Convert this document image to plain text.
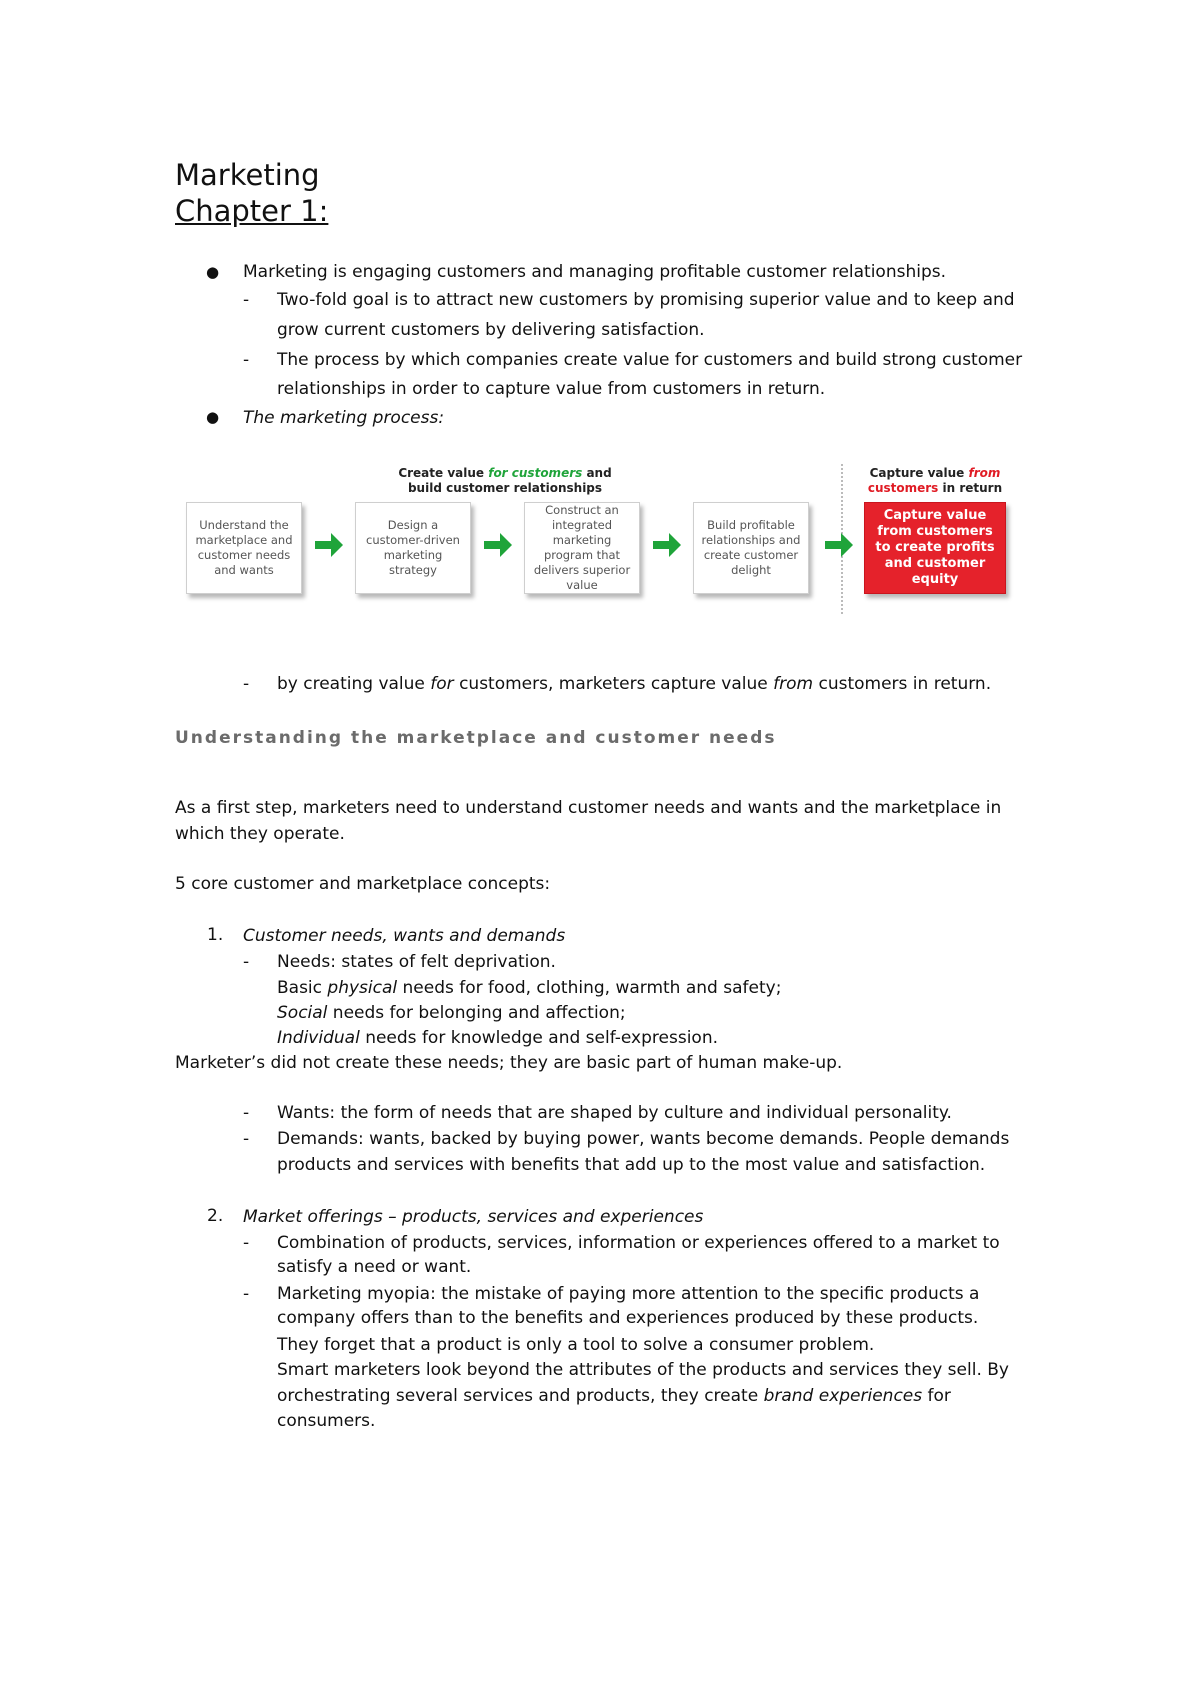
Marketing
Chapter 1:
● Marketing is engaging customers and managing profitable customer relationships.
- Two-fold goal is to attract new customers by promising superior value and to keep and
grow current customers by delivering satisfaction.
- The process by which companies create value for customers and build strong customer
relationships in order to capture value from customers in return.
● The marketing process:
Create value for customers and
build customer relationships
Capture value from
customers in return
Understand the marketplace and customer needs and wants
Design a customer-driven marketing strategy
Construct an integrated marketing program that delivers superior value
Build profitable relationships and create customer delight
Capture value from customers to create profits and customer equity
- by creating value for customers, marketers capture value from customers in return.
Understanding the marketplace and customer needs
As a first step, marketers need to understand customer needs and wants and the marketplace in
which they operate.
5 core customer and marketplace concepts:
1. Customer needs, wants and demands
- Needs: states of felt deprivation.
Basic physical needs for food, clothing, warmth and safety;
Social needs for belonging and affection;
Individual needs for knowledge and self-expression.
Marketer’s did not create these needs; they are basic part of human make-up.
- Wants: the form of needs that are shaped by culture and individual personality.
- Demands: wants, backed by buying power, wants become demands. People demands
products and services with benefits that add up to the most value and satisfaction.
2. Market offerings – products, services and experiences
- Combination of products, services, information or experiences offered to a market to
satisfy a need or want.
- Marketing myopia: the mistake of paying more attention to the specific products a
company offers than to the benefits and experiences produced by these products.
They forget that a product is only a tool to solve a consumer problem.
Smart marketers look beyond the attributes of the products and services they sell. By
orchestrating several services and products, they create brand experiences for
consumers.
